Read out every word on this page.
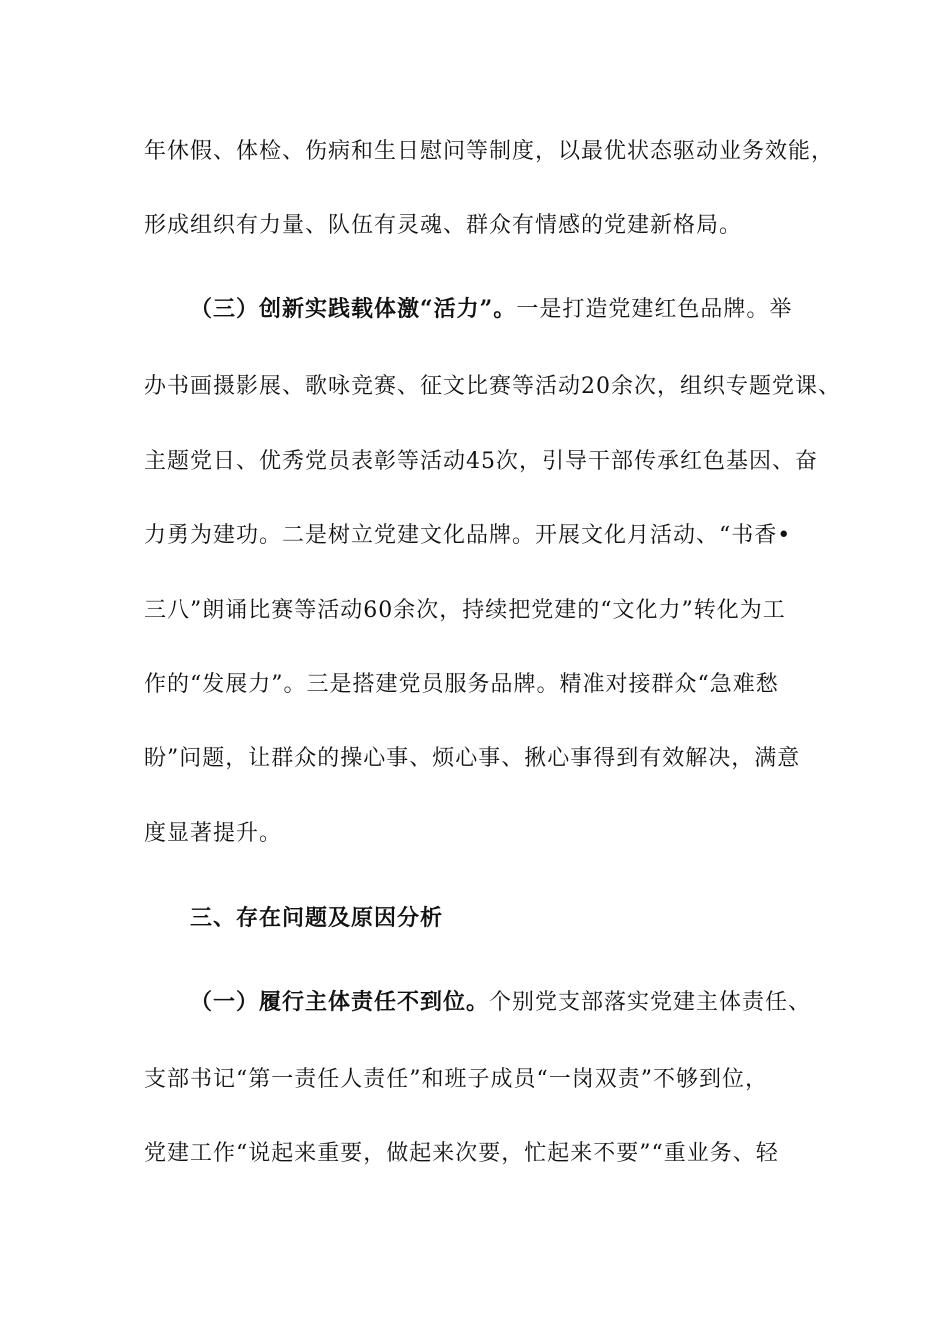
年休假、体检、伤病和生日慰问等制度，以最优状态驱动业务效能，
形成组织有力量、队伍有灵魂、群众有情感的党建新格局。
（三）创新实践载体激“活力”。一是打造党建红色品牌。举
办书画摄影展、歌咏竞赛、征文比赛等活动20余次，组织专题党课、
主题党日、优秀党员表彰等活动45次，引导干部传承红色基因、奋
力勇为建功。二是树立党建文化品牌。开展文化月活动、“书香•
三八”朗诵比赛等活动60余次，持续把党建的“文化力”转化为工
作的“发展力”。三是搭建党员服务品牌。精准对接群众“急难愁
盼”问题，让群众的操心事、烦心事、揪心事得到有效解决，满意
度显著提升。
三、存在问题及原因分析
（一）履行主体责任不到位。个别党支部落实党建主体责任、
支部书记“第一责任人责任”和班子成员“一岗双责”不够到位，
党建工作“说起来重要，做起来次要，忙起来不要”“重业务、轻
